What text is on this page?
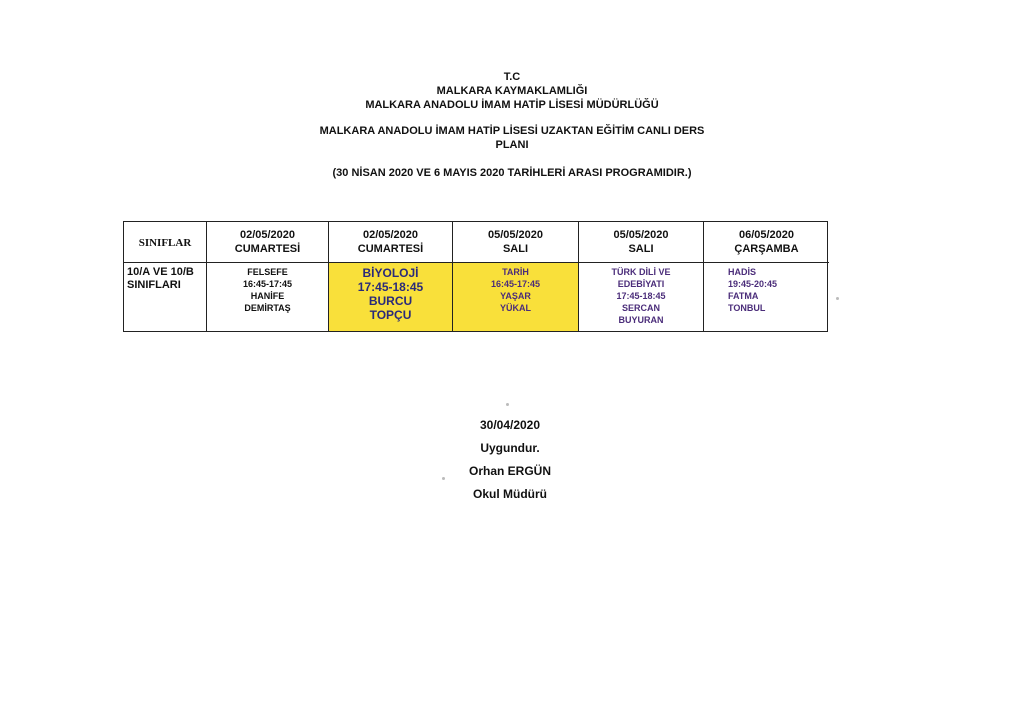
T.C
MALKARA KAYMAKLAMLIĞI
MALKARA ANADOLU İMAM HATİP LİSESİ MÜDÜRLÜĞÜ
MALKARA ANADOLU İMAM HATİP LİSESİ UZAKTAN EĞİTİM CANLI DERS
PLANI
(30 NİSAN 2020 VE 6 MAYIS 2020 TARİHLERİ ARASI PROGRAMIDIR.)
SINIFLAR
02/05/2020
CUMARTESİ
02/05/2020
CUMARTESİ
05/05/2020
SALI
05/05/2020
SALI
06/05/2020
ÇARŞAMBA
10/A VE 10/B
SINIFLARI
FELSEFE
16:45-17:45
HANİFE
DEMİRTAŞ
BİYOLOJİ
17:45-18:45
BURCU
TOPÇU
TARİH
16:45-17:45
YAŞAR
YÜKAL
TÜRK DİLİ VE
EDEBİYATI
17:45-18:45
SERCAN
BUYURAN
HADİS
19:45-20:45
FATMA
TONBUL
30/04/2020
Uygundur.
Orhan ERGÜN
Okul Müdürü
